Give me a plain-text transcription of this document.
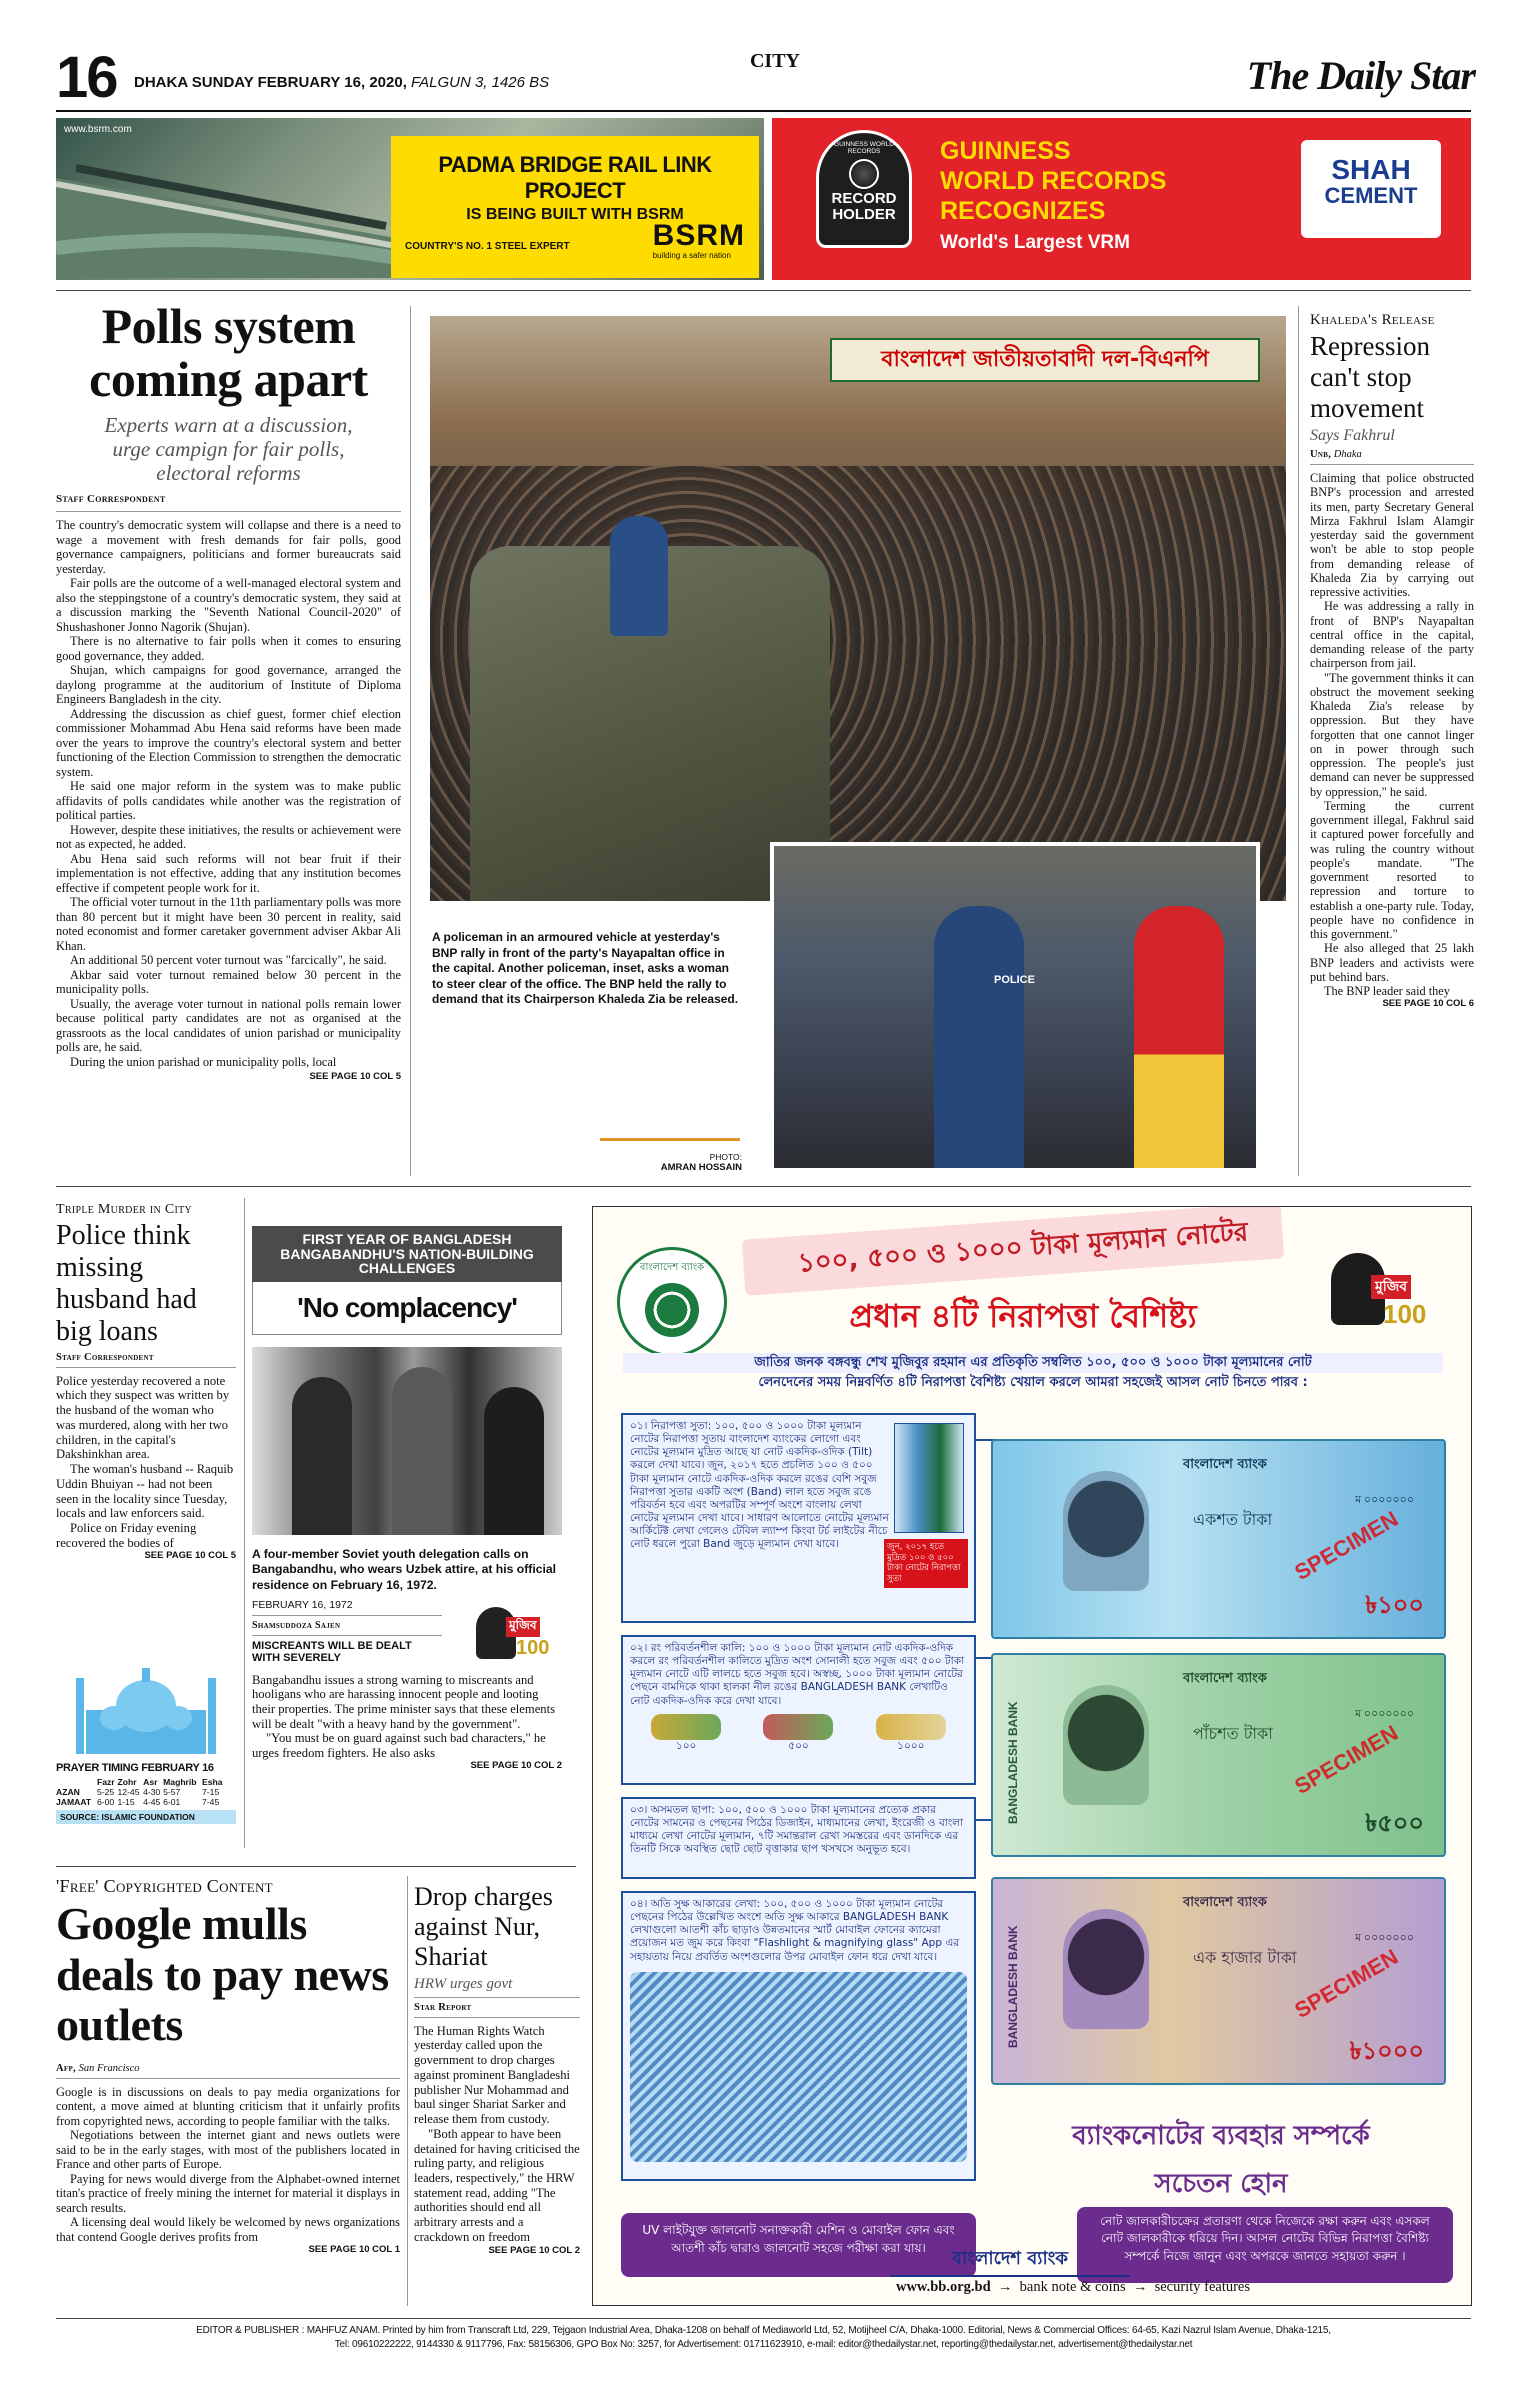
16 DHAKA SUNDAY FEBRUARY 16, 2020, FALGUN 3, 1426 BS
CITY	The Daily Star
www.bsrm.com
PADMA BRIDGE RAIL LINK PROJECT
IS BEING BUILT WITH BSRM
COUNTRY'S NO. 1 STEEL EXPERT	BSRM
building a safer nation
GUINNESS WORLD RECORDS
RECORD
HOLDER
GUINNESS
WORLD RECORDS
RECOGNIZES
World's Largest VRM
SHAH
CEMENT
Polls system coming apart
Experts warn at a discussion, urge campign for fair polls, electoral reforms
Staff Correspondent

The country's democratic system will collapse and there is a need to wage a movement with fresh demands for fair polls, good governance campaigners, politicians and former bureaucrats said yesterday.

Fair polls are the outcome of a well-managed electoral system and also the steppingstone of a country's democratic system, they said at a discussion marking the "Seventh National Council-2020" of Shushashoner Jonno Nagorik (Shujan).

There is no alternative to fair polls when it comes to ensuring good governance, they added.

Shujan, which campaigns for good governance, arranged the daylong programme at the auditorium of Institute of Diploma Engineers Bangladesh in the city.

Addressing the discussion as chief guest, former chief election commissioner Mohammad Abu Hena said reforms have been made over the years to improve the country's electoral system and better functioning of the Election Commission to strengthen the democratic system.

He said one major reform in the system was to make public affidavits of polls candidates while another was the registration of political parties.

However, despite these initiatives, the results or achievement were not as expected, he added.

Abu Hena said such reforms will not bear fruit if their implementation is not effective, adding that any institution becomes effective if competent people work for it.

The official voter turnout in the 11th parliamentary polls was more than 80 percent but it might have been 30 percent in reality, said noted economist and former caretaker government adviser Akbar Ali Khan.

An additional 50 percent voter turnout was "farcically", he said.

Akbar said voter turnout remained below 30 percent in the municipality polls.

Usually, the average voter turnout in national polls remain lower because political party candidates are not as organised at the grassroots as the local candidates of union parishad or municipality polls are, he said.

During the union parishad or municipality polls, local

SEE PAGE 10 COL 5
বাংলাদেশ জাতীয়তাবাদী দল-বিএনপি
POLICE
A policeman in an armoured vehicle at yesterday's BNP rally in front of the party's Nayapaltan office in the capital. Another policeman, inset, asks a woman to steer clear of the office. The BNP held the rally to demand that its Chairperson Khaleda Zia be released.
PHOTO:
AMRAN HOSSAIN
Khaleda's Release
Repression can't stop movement
Says Fakhrul
Unb, Dhaka

Claiming that police obstructed BNP's procession and arrested its men, party Secretary General Mirza Fakhrul Islam Alamgir yesterday said the government won't be able to stop people from demanding release of Khaleda Zia by carrying out repressive activities.

He was addressing a rally in front of BNP's Nayapaltan central office in the capital, demanding release of the party chairperson from jail.

"The government thinks it can obstruct the movement seeking Khaleda Zia's release by oppression. But they have forgotten that one cannot linger on in power through such oppression. The people's just demand can never be suppressed by oppression," he said.

Terming the current government illegal, Fakhrul said it captured power forcefully and was ruling the country without people's mandate. "The government resorted to repression and torture to establish a one-party rule. Today, people have no confidence in this government."

He also alleged that 25 lakh BNP leaders and activists were put behind bars.

The BNP leader said they

SEE PAGE 10 COL 6
Triple Murder in City
Police think missing husband had big loans
Staff Correspondent

Police yesterday recovered a note which they suspect was written by the husband of the woman who was murdered, along with her two children, in the capital's Dakshinkhan area.

The woman's husband -- Raquib Uddin Bhuiyan -- had not been seen in the locality since Tuesday, locals and law enforcers said.

Police on Friday evening recovered the bodies of

SEE PAGE 10 COL 5
PRAYER TIMING FEBRUARY 16
	Fazr	Zohr	Asr	Maghrib	Esha
AZAN	5-25	12-45	4-30	5-57	7-15
JAMAAT	6-00	1-15	4-45	6-01	7-45
SOURCE: ISLAMIC FOUNDATION
FIRST YEAR OF BANGLADESH BANGABANDHU'S NATION-BUILDING CHALLENGES
'No complacency'
A four-member Soviet youth delegation calls on Bangabandhu, who wears Uzbek attire, at his official residence on February 16, 1972.
FEBRUARY 16, 1972
Shamsuddoza Sajen
MISCREANTS WILL BE DEALT WITH SEVERELY
মুজিব
100

Bangabandhu issues a strong warning to miscreants and hooligans who are harassing innocent people and looting their properties. The prime minister says that these elements will be dealt "with a heavy hand by the government".

"You must be on guard against such bad characters," he urges freedom fighters. He also asks

SEE PAGE 10 COL 2
'Free' Copyrighted Content
Google mulls deals to pay news outlets
Afp, San Francisco

Google is in discussions on deals to pay media organizations for content, a move aimed at blunting criticism that it unfairly profits from copyrighted news, according to people familiar with the talks.

Negotiations between the internet giant and news outlets were said to be in the early stages, with most of the publishers located in France and other parts of Europe.

Paying for news would diverge from the Alphabet-owned internet titan's practice of freely mining the internet for material it displays in search results.

A licensing deal would likely be welcomed by news organizations that contend Google derives profits from

SEE PAGE 10 COL 1
Drop charges against Nur, Shariat
HRW urges govt
Star Report

The Human Rights Watch yesterday called upon the government to drop charges against prominent Bangladeshi publisher Nur Mohammad and baul singer Shariat Sarker and release them from custody.

"Both appear to have been detained for having criticised the ruling party, and religious leaders, respectively," the HRW statement read, adding "The authorities should end all arbitrary arrests and a crackdown on freedom

SEE PAGE 10 COL 2
বাংলাদেশ ব্যাংক	১০০, ৫০০ ও ১০০০ টাকা মূল্যমান নোটের
প্রধান ৪টি নিরাপত্তা বৈশিষ্ট্য
মুজিব
100
জাতির জনক বঙ্গবন্ধু শেখ মুজিবুর রহমান এর প্রতিকৃতি সম্বলিত ১০০, ৫০০ ও ১০০০ টাকা মূল্যমানের নোট
লেনদেনের সময় নিম্নবর্ণিত ৪টি নিরাপত্তা বৈশিষ্ট্য খেয়াল করলে আমরা সহজেই আসল নোট চিনতে পারব :
০১। নিরাপত্তা সুতা: ১০০, ৫০০ ও ১০০০ টাকা মূল্যমান নোটের নিরাপত্তা সুতায় বাংলাদেশ ব্যাংকের লোগো এবং নোটের মূল্যমান মুদ্রিত আছে যা নোট একদিক-ওদিক (Tilt) করলে দেখা যাবে। জুন, ২০১৭ হতে প্রচলিত ১০০ ও ৫০০ টাকা মূল্যমান নোটে একদিক-ওদিক করলে রঙের বেশি সবুজ নিরাপত্তা সুতার একটি অংশ (Band) লাল হতে সবুজ রঙে পরিবর্তন হবে এবং অপরটির সম্পূর্ণ অংশে বাংলায় লেখা নোটের মূল্যমান দেখা যাবে। সাধারণ আলোতে নোটের মূল্যমান আর্কিটেক্ট লেখা গেলেও টেবিল ল্যাম্প কিংবা টর্চ লাইটের নীচে নোট ধরলে পুরো Band জুড়ে মূল্যমান দেখা যাবে।	জুন, ২০১৭ হতে মুদ্রিত ১০০ ও ৫০০ টাকা নোটের নিরাপত্তা সুতা
০২। রং পরিবর্তনশীল কালি: ১০০ ও ১০০০ টাকা মূল্যমান নোট একদিক-ওদিক করলে রং পরিবর্তনশীল কালিতে মুদ্রিত অংশ সোনালী হতে সবুজ এবং ৫০০ টাকা মূল্যমান নোটে এটি লালচে হতে সবুজ হবে। অস্বচ্ছ, ১০০০ টাকা মূল্যমান নোটের পেছনে বামদিকে থাকা হালকা নীল রঙের BANGLADESH BANK লেখাটিও নোট একদিক-ওদিক করে দেখা যাবে।
১০০	৫০০	১০০০
০৩। অসমতল ছাপা: ১০০, ৫০০ ও ১০০০ টাকা মূল্যমানের প্রত্যেক প্রকার নোটের সামনের ও পেছনের পিঠের ডিজাইন, মাধ্যমানের লেখা, ইংরেজী ও বাংলা মাধ্যমে লেখা নোটের মূল্যমান, ৭টি সমান্তরাল রেখা সমস্তরের এবং ডানদিকে এর তিনটি সিকে অবস্থিত ছোট ছোট বৃত্তাকার ছাপ খসখসে অনুভূত হবে।
০৪। অতি সুক্ষ আকারের লেখা: ১০০, ৫০০ ও ১০০০ টাকা মূল্যমান নোটের পেছনের পিঠের উল্লেখিত অংশে অতি সুক্ষ আকারে BANGLADESH BANK লেখাগুলো আতশী কাঁচ ছাড়াও উন্নতমানের স্মার্ট মোবাইল ফোনের ক্যামেরা প্রয়োজন মত জুম করে কিংবা "Flashlight & magnifying glass" App এর সহায়তায় নিয়ে প্রবর্তিত অংশগুলোর উপর মোবাইল ফোন ধরে দেখা যাবে।
বাংলাদেশ ব্যাংক
একশত টাকা
৳১০০
SPECIMEN
ম ০০০০০০০
BANGLADESH BANK
বাংলাদেশ ব্যাংক
পাঁচশত টাকা
৳৫০০
SPECIMEN
ম ০০০০০০০
BANGLADESH BANK
বাংলাদেশ ব্যাংক
এক হাজার টাকা
৳১০০০
SPECIMEN
ম ০০০০০০০
ব্যাংকনোটের ব্যবহার সম্পর্কে
সচেতন হোন
UV লাইটযুক্ত জালনোট সনাক্তকারী মেশিন ও মোবাইল ফোন এবং আতশী কাঁচ দ্বারাও জালনোট সহজে পরীক্ষা করা যায়।
নোট জালকারীচক্রের প্রতারণা থেকে নিজেকে রক্ষা করুন এবং এসকল নোট জালকারীকে ধরিয়ে দিন। আসল নোটের বিভিন্ন নিরাপত্তা বৈশিষ্ট্য সম্পর্কে নিজে জানুন এবং অপরকে জানতে সহায়তা করুন ।
www.bb.org.bd  →  bank note & coins  →  security features
বাংলাদেশ ব্যাংক
EDITOR & PUBLISHER : MAHFUZ ANAM. Printed by him from Transcraft Ltd, 229, Tejgaon Industrial Area, Dhaka-1208 on behalf of Mediaworld Ltd, 52, Motijheel C/A, Dhaka-1000. Editorial, News & Commercial Offices: 64-65, Kazi Nazrul Islam Avenue, Dhaka-1215,
Tel: 09610222222, 9144330 & 9117796, Fax: 58156306, GPO Box No: 3257, for Advertisement: 01711623910, e-mail: editor@thedailystar.net, reporting@thedailystar.net, advertisement@thedailystar.net
